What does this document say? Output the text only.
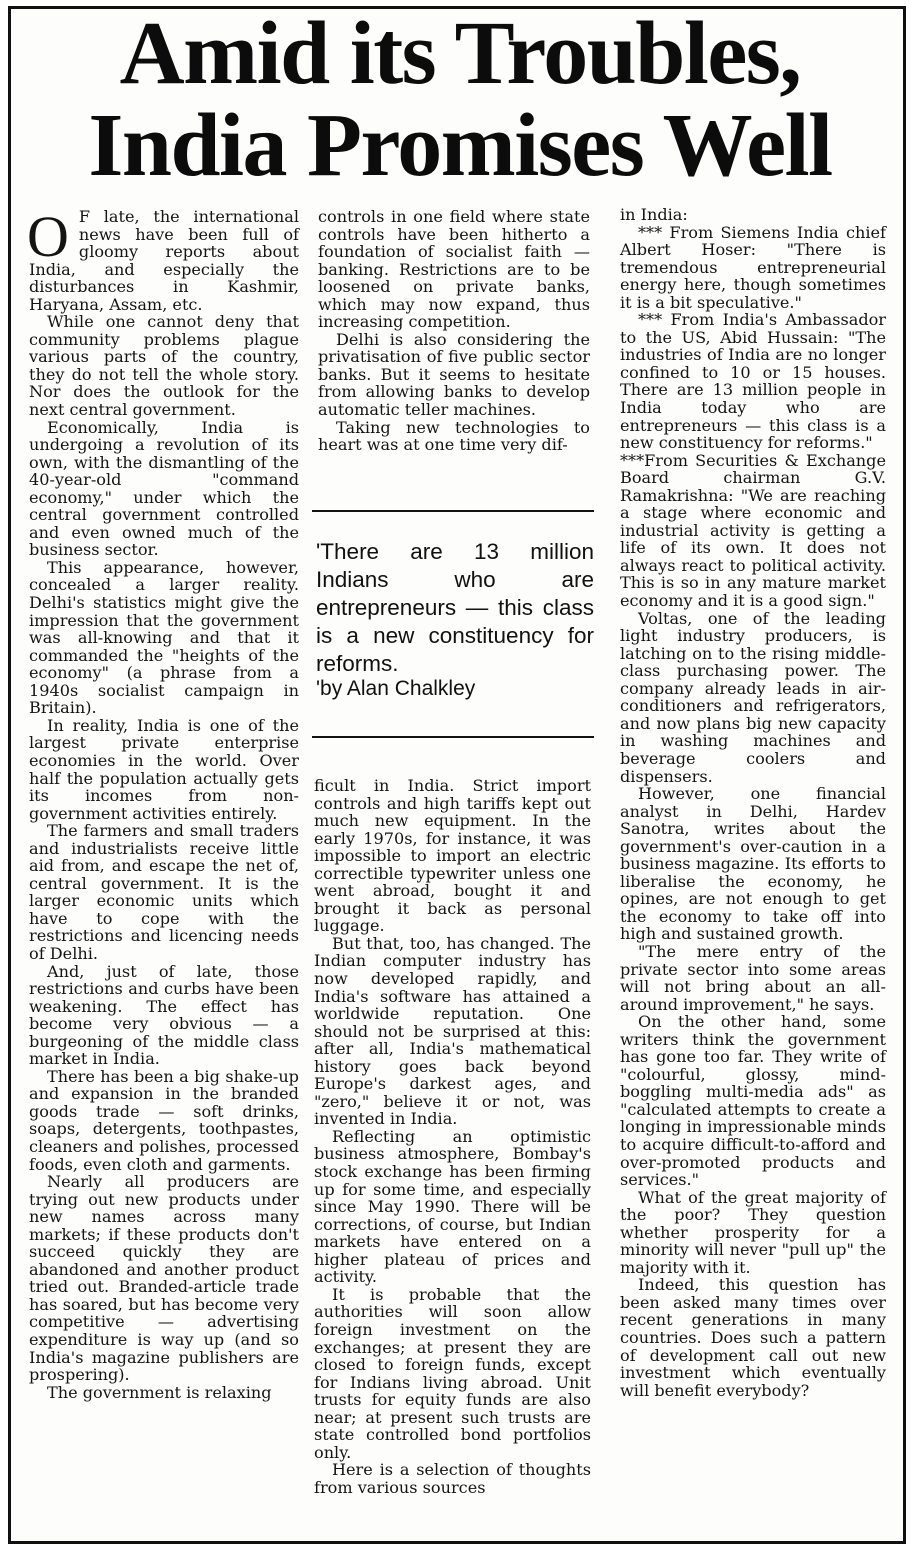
Amid its Troubles,
India Promises Well

O F late, the international news have been full of gloomy reports about India, and especially the disturbances in Kashmir, Haryana, Assam, etc.

While one cannot deny that community problems plague various parts of the country, they do not tell the whole story. Nor does the outlook for the next central government.

Economically, India is undergoing a revolution of its own, with the dismantling of the 40-year-old "command economy," under which the central government controlled and even owned much of the business sector.

This appearance, however, concealed a larger reality. Delhi's statistics might give the impression that the government was all-knowing and that it commanded the "heights of the economy" (a phrase from a 1940s socialist campaign in Britain).

In reality, India is one of the largest private enterprise economies in the world. Over half the population actually gets its incomes from non-government activities entirely.

The farmers and small traders and industrialists receive little aid from, and escape the net of, central government. It is the larger economic units which have to cope with the restrictions and licencing needs of Delhi.

And, just of late, those restrictions and curbs have been weakening. The effect has become very obvious — a burgeoning of the middle class market in India.

There has been a big shake-up and expansion in the branded goods trade — soft drinks, soaps, detergents, toothpastes, cleaners and polishes, processed foods, even cloth and garments.

Nearly all producers are trying out new products under new names across many markets; if these products don't succeed quickly they are abandoned and another product tried out. Branded-article trade has soared, but has become very competitive — advertising expenditure is way up (and so India's magazine publishers are prospering).

The government is relaxing

controls in one field where state controls have been hitherto a foundation of socialist faith — banking. Restrictions are to be loosened on private banks, which may now expand, thus increasing competition.

Delhi is also considering the privatisation of five public sector banks. But it seems to hesitate from allowing banks to develop automatic teller machines.

Taking new technologies to heart was at one time very dif-

'There are 13 million Indians who are entrepreneurs — this class is a new constituency for reforms.
'by Alan Chalkley

ficult in India. Strict import controls and high tariffs kept out much new equipment. In the early 1970s, for instance, it was impossible to import an electric correctible typewriter unless one went abroad, bought it and brought it back as personal luggage.

But that, too, has changed. The Indian computer industry has now developed rapidly, and India's software has attained a worldwide reputation. One should not be surprised at this: after all, India's mathematical history goes back beyond Europe's darkest ages, and "zero," believe it or not, was invented in India.

Reflecting an optimistic business atmosphere, Bombay's stock exchange has been firming up for some time, and especially since May 1990. There will be corrections, of course, but Indian markets have entered on a higher plateau of prices and activity.

It is probable that the authorities will soon allow foreign investment on the exchanges; at present they are closed to foreign funds, except for Indians living abroad. Unit trusts for equity funds are also near; at present such trusts are state controlled bond portfolios only.

Here is a selection of thoughts from various sources

in India:

*** From Siemens India chief Albert Hoser: "There is tremendous entrepreneurial energy here, though sometimes it is a bit speculative."

*** From India's Ambassador to the US, Abid Hussain: "The industries of India are no longer confined to 10 or 15 houses. There are 13 million people in India today who are entrepreneurs — this class is a new constituency for reforms."

***From Securities & Exchange Board chairman G.V. Ramakrishna: "We are reaching a stage where economic and industrial activity is getting a life of its own. It does not always react to political activity. This is so in any mature market economy and it is a good sign."

Voltas, one of the leading light industry producers, is latching on to the rising middle-class purchasing power. The company already leads in air-conditioners and refrigerators, and now plans big new capacity in washing machines and beverage coolers and dispensers.

However, one financial analyst in Delhi, Hardev Sanotra, writes about the government's over-caution in a business magazine. Its efforts to liberalise the economy, he opines, are not enough to get the economy to take off into high and sustained growth.

"The mere entry of the private sector into some areas will not bring about an all-around improvement," he says.

On the other hand, some writers think the government has gone too far. They write of "colourful, glossy, mind-boggling multi-media ads" as "calculated attempts to create a longing in impressionable minds to acquire difficult-to-afford and over-promoted products and services."

What of the great majority of the poor? They question whether prosperity for a minority will never "pull up" the majority with it.

Indeed, this question has been asked many times over recent generations in many countries. Does such a pattern of development call out new investment which eventually will benefit everybody?
